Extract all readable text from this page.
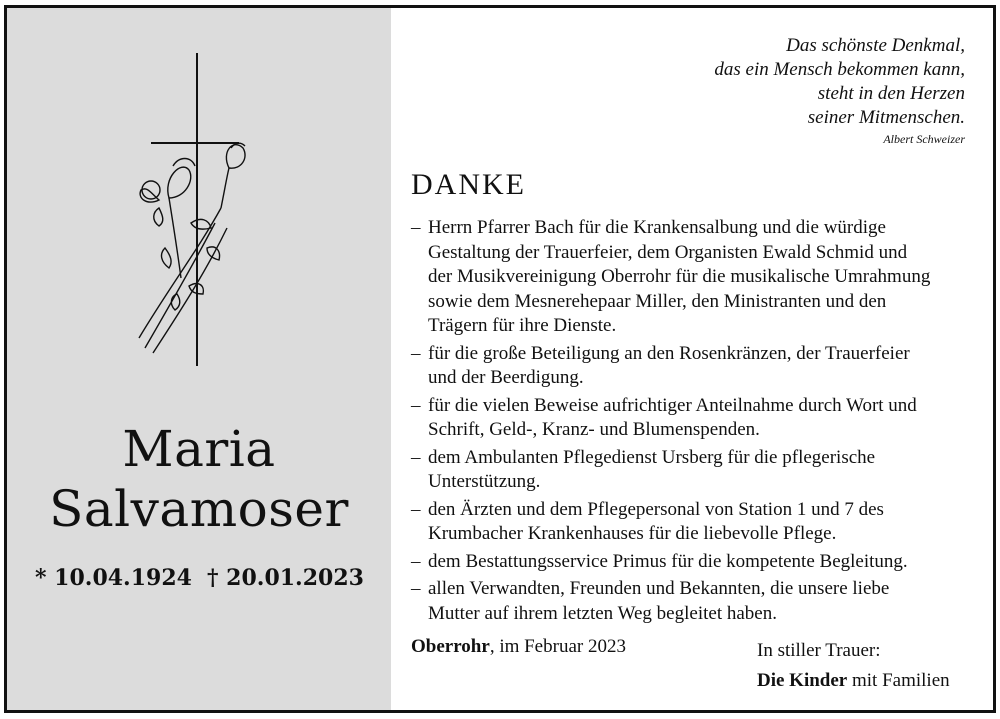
Maria
Salvamoser
* 10.04.1924 † 20.01.2023
Das schönste Denkmal,
das ein Mensch bekommen kann,
steht in den Herzen
seiner Mitmenschen.
Albert Schweizer
DANKE
– Herrn Pfarrer Bach für die Krankensalbung und die würdige
Gestaltung der Trauerfeier, dem Organisten Ewald Schmid und
der Musikvereinigung Oberrohr für die musikalische Umrahmung
sowie dem Mesnerehepaar Miller, den Ministranten und den
Trägern für ihre Dienste.
– für die große Beteiligung an den Rosenkränzen, der Trauerfeier
und der Beerdigung.
– für die vielen Beweise aufrichtiger Anteilnahme durch Wort und
Schrift, Geld-, Kranz- und Blumenspenden.
– dem Ambulanten Pflegedienst Ursberg für die pflegerische
Unterstützung.
– den Ärzten und dem Pflegepersonal von Station 1 und 7 des
Krumbacher Krankenhauses für die liebevolle Pflege.
– dem Bestattungsservice Primus für die kompetente Begleitung.
– allen Verwandten, Freunden und Bekannten, die unsere liebe
Mutter auf ihrem letzten Weg begleitet haben.
Oberrohr, im Februar 2023	In stiller Trauer:
Die Kinder mit Familien
